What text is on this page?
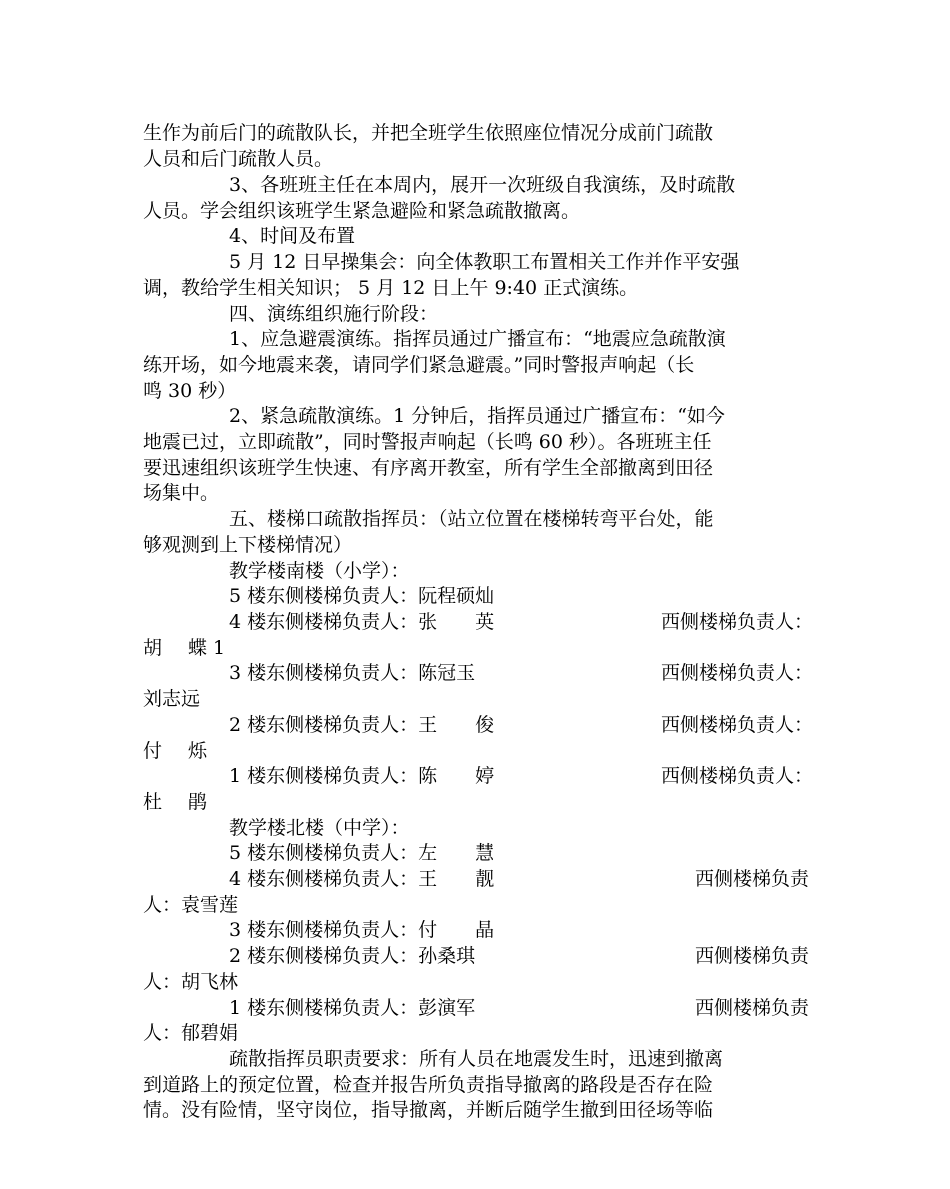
生作为前后门的疏散队长，并把全班学生依照座位情况分成前门疏散
人员和后门疏散人员。
3、各班班主任在本周内，展开一次班级自我演练，及时疏散
人员。学会组织该班学生紧急避险和紧急疏散撤离。
4、时间及布置
5 月 12 日早操集会：向全体教职工布置相关工作并作平安强
调，教给学生相关知识； 5 月 12 日上午 9:40 正式演练。
四、演练组织施行阶段：
1、应急避震演练。指挥员通过广播宣布：“地震应急疏散演
练开场，如今地震来袭，请同学们紧急避震。”同时警报声响起（长
鸣 30 秒）
2、紧急疏散演练。1 分钟后，指挥员通过广播宣布：“如今
地震已过，立即疏散”，同时警报声响起（长鸣 60 秒）。各班班主任
要迅速组织该班学生快速、有序离开教室，所有学生全部撤离到田径
场集中。
五、楼梯口疏散指挥员：（站立位置在楼梯转弯平台处，能
够观测到上下楼梯情况）
教学楼南楼（小学）：
5 楼东侧楼梯负责人：阮程硕灿
4 楼东侧楼梯负责人：张　　英	西侧楼梯负责人：
胡 蝶 1
3 楼东侧楼梯负责人：陈冠玉	西侧楼梯负责人：
刘志远
2 楼东侧楼梯负责人：王　　俊	西侧楼梯负责人：
付 烁
1 楼东侧楼梯负责人：陈　　婷	西侧楼梯负责人：
杜 鹃
教学楼北楼（中学）：
5 楼东侧楼梯负责人：左　　慧
4 楼东侧楼梯负责人：王　　靓	西侧楼梯负责
人：袁雪莲
3 楼东侧楼梯负责人：付　　晶
2 楼东侧楼梯负责人：孙桑琪	西侧楼梯负责
人：胡飞林
1 楼东侧楼梯负责人：彭演军	西侧楼梯负责
人：郁碧娟
疏散指挥员职责要求：所有人员在地震发生时，迅速到撤离
到道路上的预定位置，检查并报告所负责指导撤离的路段是否存在险
情。没有险情，坚守岗位，指导撤离，并断后随学生撤到田径场等临
